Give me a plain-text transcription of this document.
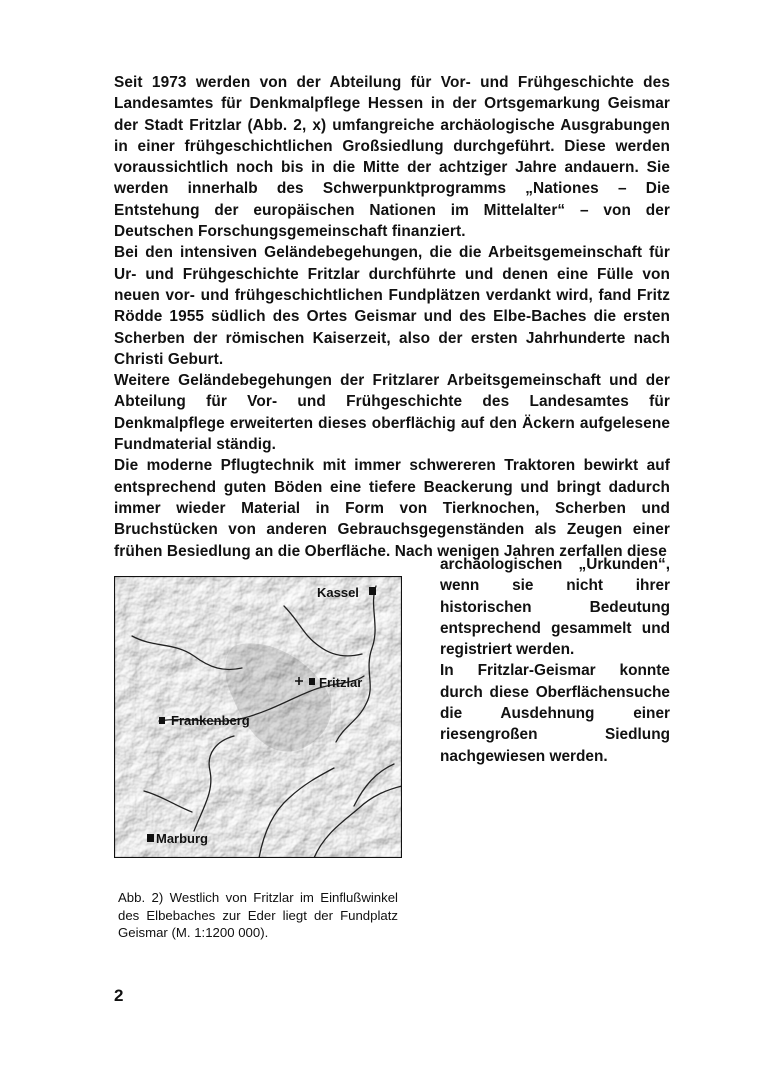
Seit 1973 werden von der Abteilung für Vor- und Frühgeschichte des Landesamtes für Denkmalpflege Hessen in der Ortsgemarkung Geismar der Stadt Fritzlar (Abb. 2, x) umfangreiche archäologische Ausgrabungen in einer frühgeschichtlichen Großsiedlung durchgeführt. Diese werden voraussichtlich noch bis in die Mitte der achtziger Jahre andauern. Sie werden innerhalb des Schwerpunktprogramms „Nationes – Die Entstehung der europäischen Nationen im Mittelalter“ – von der Deutschen Forschungsgemeinschaft finanziert.

Bei den intensiven Geländebegehungen, die die Arbeitsgemeinschaft für Ur- und Frühgeschichte Fritzlar durchführte und denen eine Fülle von neuen vor- und frühgeschichtlichen Fundplätzen verdankt wird, fand Fritz Rödde 1955 südlich des Ortes Geismar und des Elbe-Baches die ersten Scherben der römischen Kaiserzeit, also der ersten Jahrhunderte nach Christi Geburt.

Weitere Geländebegehungen der Fritzlarer Arbeitsgemeinschaft und der Abteilung für Vor- und Frühgeschichte des Landesamtes für Denkmalpflege erweiterten dieses oberflächig auf den Äckern aufgelesene Fundmaterial ständig.

Die moderne Pflugtechnik mit immer schwereren Traktoren bewirkt auf entsprechend guten Böden eine tiefere Beackerung und bringt dadurch immer wieder Material in Form von Tierknochen, Scherben und Bruchstücken von anderen Gebrauchsgegenständen als Zeugen einer frühen Besiedlung an die Oberfläche. Nach wenigen Jahren zerfallen diese

archäologischen „Urkunden“, wenn sie nicht ihrer historischen Bedeutung entsprechend gesammelt und registriert werden.

In Fritzlar-Geismar konnte durch diese Oberflächensuche die Ausdehnung einer riesengroßen Siedlung nachgewiesen werden.

Kassel
Fritzlar
Frankenberg
Marburg
Abb. 2) Westlich von Fritzlar im Einflußwinkel des Elbebaches zur Eder liegt der Fundplatz Geismar (M. 1:1200 000).
2
